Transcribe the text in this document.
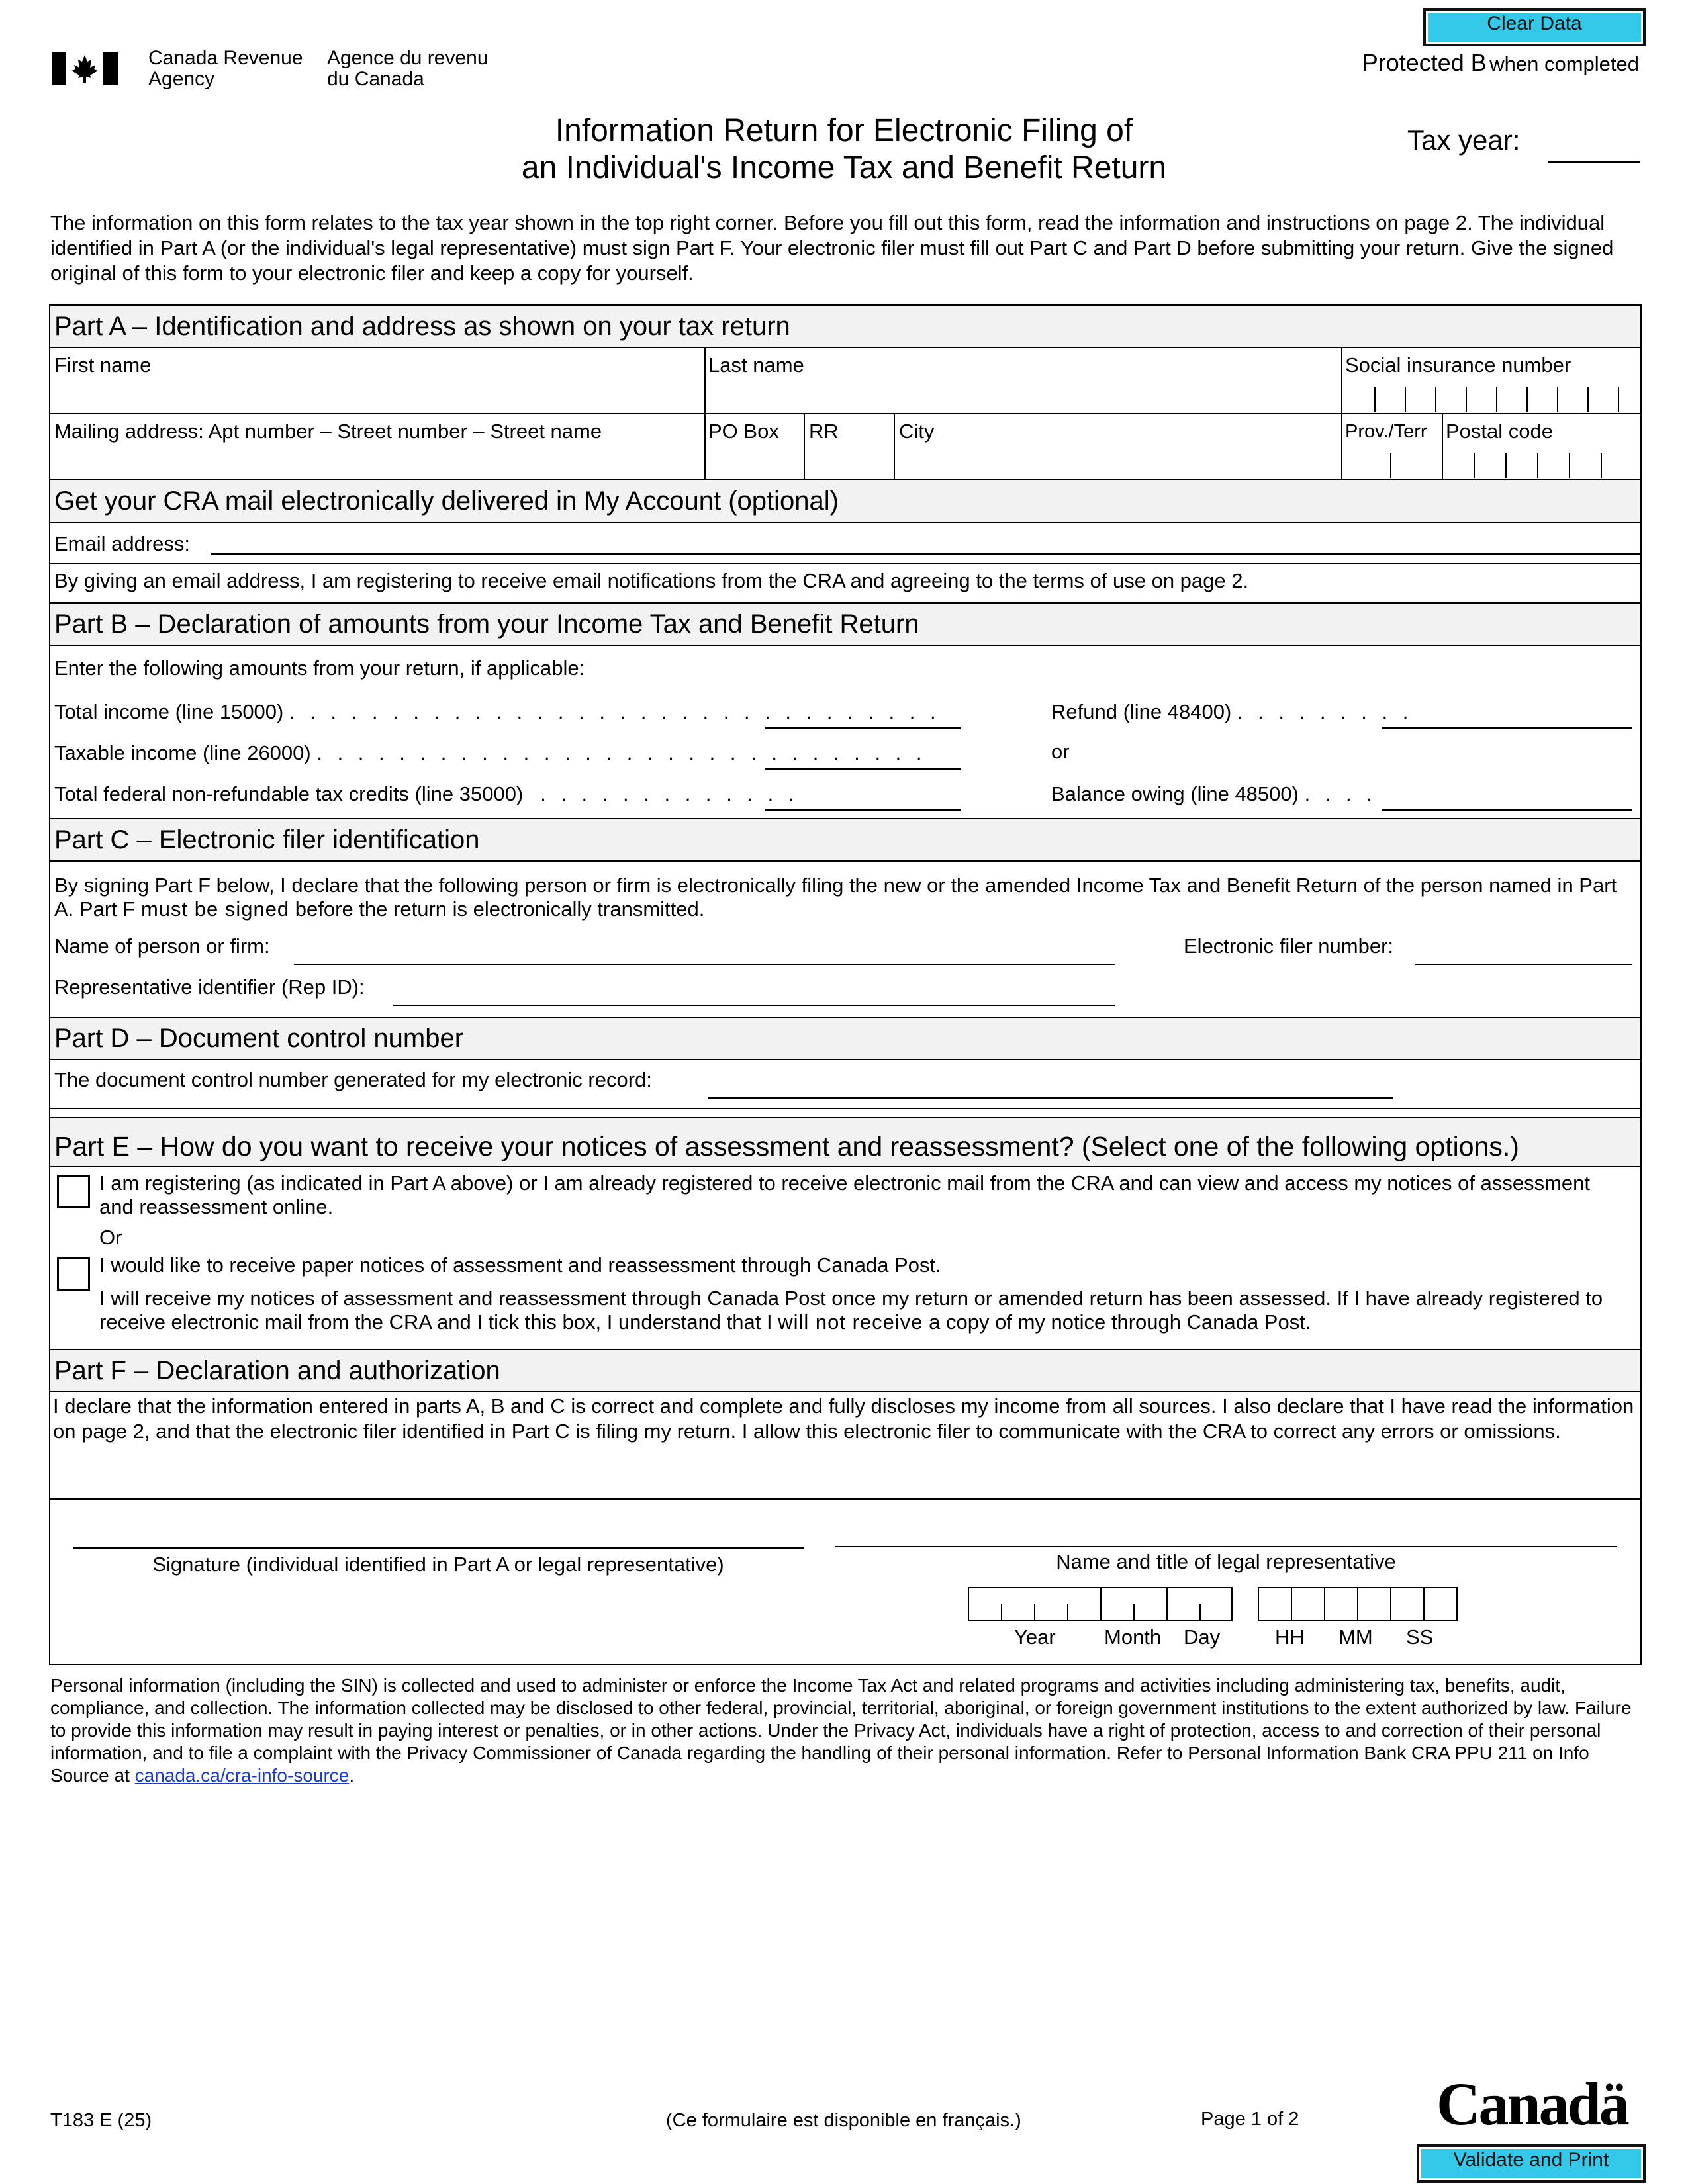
Clear Data
Canada Revenue
Agency
Agence du revenu
du Canada
Protected B when completed
Information Return for Electronic Filing of
an Individual's Income Tax and Benefit Return
Tax year:
The information on this form relates to the tax year shown in the top right corner. Before you fill out this form, read the information and instructions on page 2. The individual identified in Part A (or the individual's legal representative) must sign Part F. Your electronic filer must fill out Part C and Part D before submitting your return. Give the signed original of this form to your electronic filer and keep a copy for yourself.
Part A – Identification and address as shown on your tax return
First name	Last name	Social insurance number
Mailing address: Apt number – Street number – Street name	PO Box RR	City	Prov./Terr Postal code
Get your CRA mail electronically delivered in My Account (optional)
Email address:
By giving an email address, I am registering to receive email notifications from the CRA and agreeing to the terms of use on page 2.
Part B – Declaration of amounts from your Income Tax and Benefit Return
Enter the following amounts from your return, if applicable:
Total income (line 15000) . . . . . . . . . . . . . . . . . . . . . . . . . . . . . . . .
Taxable income (line 26000) . . . . . . . . . . . . . . . . . . . . . . . . . . . . . .
Total federal non-refundable tax credits (line 35000) . . . . . . . . . . . . .
Refund (line 48400) . . . . . . . . .
or
Balance owing (line 48500) . . . .
Part C – Electronic filer identification
By signing Part F below, I declare that the following person or firm is electronically filing the new or the amended Income Tax and Benefit Return of the person named in Part A. Part F must be signed before the return is electronically transmitted.
Name of person or firm:	Electronic filer number:
Representative identifier (Rep ID):
Part D – Document control number
The document control number generated for my electronic record:
Part E – How do you want to receive your notices of assessment and reassessment? (Select one of the following options.)
I am registering (as indicated in Part A above) or I am already registered to receive electronic mail from the CRA and can view and access my notices of assessment and reassessment online.
Or
I would like to receive paper notices of assessment and reassessment through Canada Post.
I will receive my notices of assessment and reassessment through Canada Post once my return or amended return has been assessed. If I have already registered to receive electronic mail from the CRA and I tick this box, I understand that I will not receive a copy of my notice through Canada Post.
Part F – Declaration and authorization
I declare that the information entered in parts A, B and C is correct and complete and fully discloses my income from all sources. I also declare that I have read the information on page 2, and that the electronic filer identified in Part C is filing my return. I allow this electronic filer to communicate with the CRA to correct any errors or omissions.
Signature (individual identified in Part A or legal representative)	Name and title of legal representative
Year Month Day	HH MM SS
Personal information (including the SIN) is collected and used to administer or enforce the Income Tax Act and related programs and activities including administering tax, benefits, audit, compliance, and collection. The information collected may be disclosed to other federal, provincial, territorial, aboriginal, or foreign government institutions to the extent authorized by law. Failure to provide this information may result in paying interest or penalties, or in other actions. Under the Privacy Act, individuals have a right of protection, access to and correction of their personal information, and to file a complaint with the Privacy Commissioner of Canada regarding the handling of their personal information. Refer to Personal Information Bank CRA PPU 211 on Info Source at canada.ca/cra-info-source.
T183 E (25)	(Ce formulaire est disponible en français.)	Page 1 of 2 Canadä
Validate and Print
